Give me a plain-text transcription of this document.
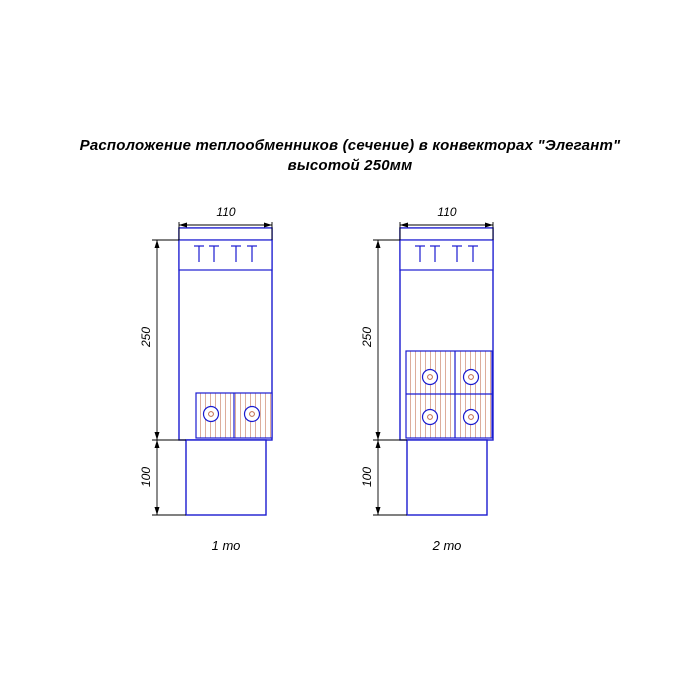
Расположение теплообменников (сечение) в конвекторах "Элегант"
высотой 250мм
110	110
250	250
100	100
1 то	2 то
